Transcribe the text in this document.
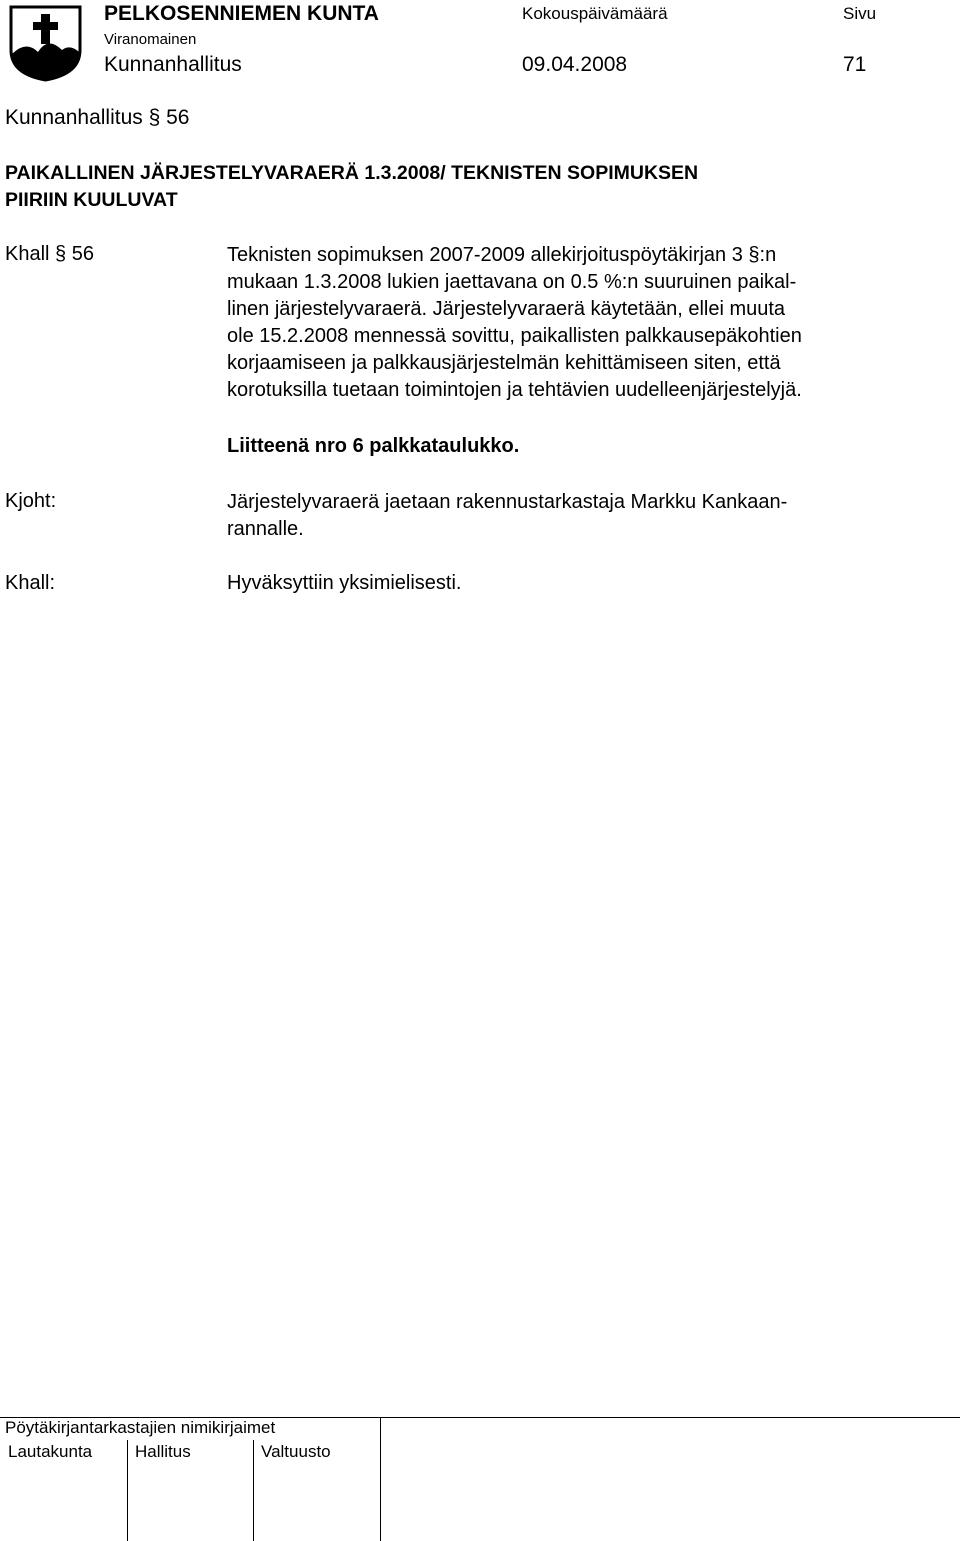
PELKOSENNIEMEN KUNTA
Viranomainen
Kunnanhallitus
Kokouspäivämäärä
09.04.2008
Sivu
71
Kunnanhallitus § 56
PAIKALLINEN JÄRJESTELYVARAERÄ 1.3.2008/ TEKNISTEN SOPIMUKSEN
PIIRIIN KUULUVAT
Khall § 56	Teknisten sopimuksen 2007-2009 allekirjoituspöytäkirjan 3 §:n
mukaan 1.3.2008 lukien jaettavana on 0.5 %:n suuruinen paikal-
linen järjestelyvaraerä. Järjestelyvaraerä käytetään, ellei muuta
ole 15.2.2008 mennessä sovittu, paikallisten palkkausepäkohtien
korjaamiseen ja palkkausjärjestelmän kehittämiseen siten, että
korotuksilla tuetaan toimintojen ja tehtävien uudelleenjärjestelyjä.

Liitteenä nro 6 palkkataulukko.
Kjoht:	Järjestelyvaraerä jaetaan rakennustarkastaja Markku Kankaan-
rannalle.

Khall:	Hyväksyttiin yksimielisesti.
Pöytäkirjantarkastajien nimikirjaimet
Lautakunta	Hallitus	Valtuusto
